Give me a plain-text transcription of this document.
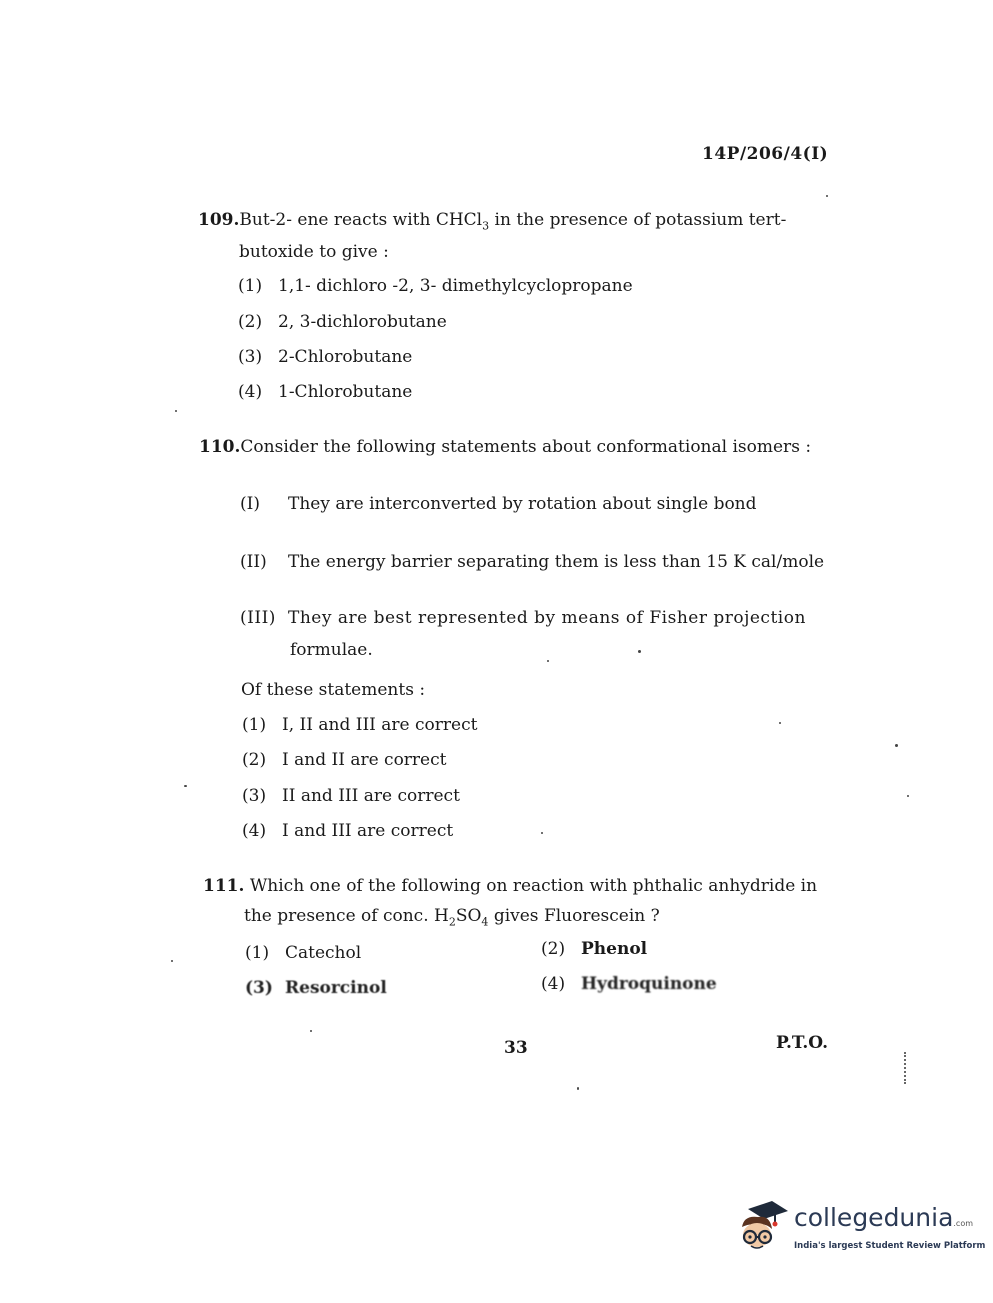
14P/206/4(I)
109.But-2- ene reacts with CHCl$_3$ in the presence of potassium tert-
butoxide to give :
(1) 1,1- dichloro -2, 3- dimethylcyclopropane
(2) 2, 3-dichlorobutane
(3) 2-Chlorobutane
(4) 1-Chlorobutane
110.Consider the following statements about conformational isomers :
(I) They are interconverted by rotation about single bond
(II) The energy barrier separating them is less than 15 K cal/mole
(III) They are best represented by means of Fisher projection
formulae.
Of these statements :
(1) I, II and III are correct
(2) I and II are correct
(3) II and III are correct
(4) I and III are correct
111. Which one of the following on reaction with phthalic anhydride in
the presence of conc. $H_2SO_4$ gives Fluorescein ?
(1) Catechol	(2) Phenol
(3) Resorcinol	(4) Hydroquinone
33	P.T.O.
collegedunia.com
India's largest Student Review Platform
